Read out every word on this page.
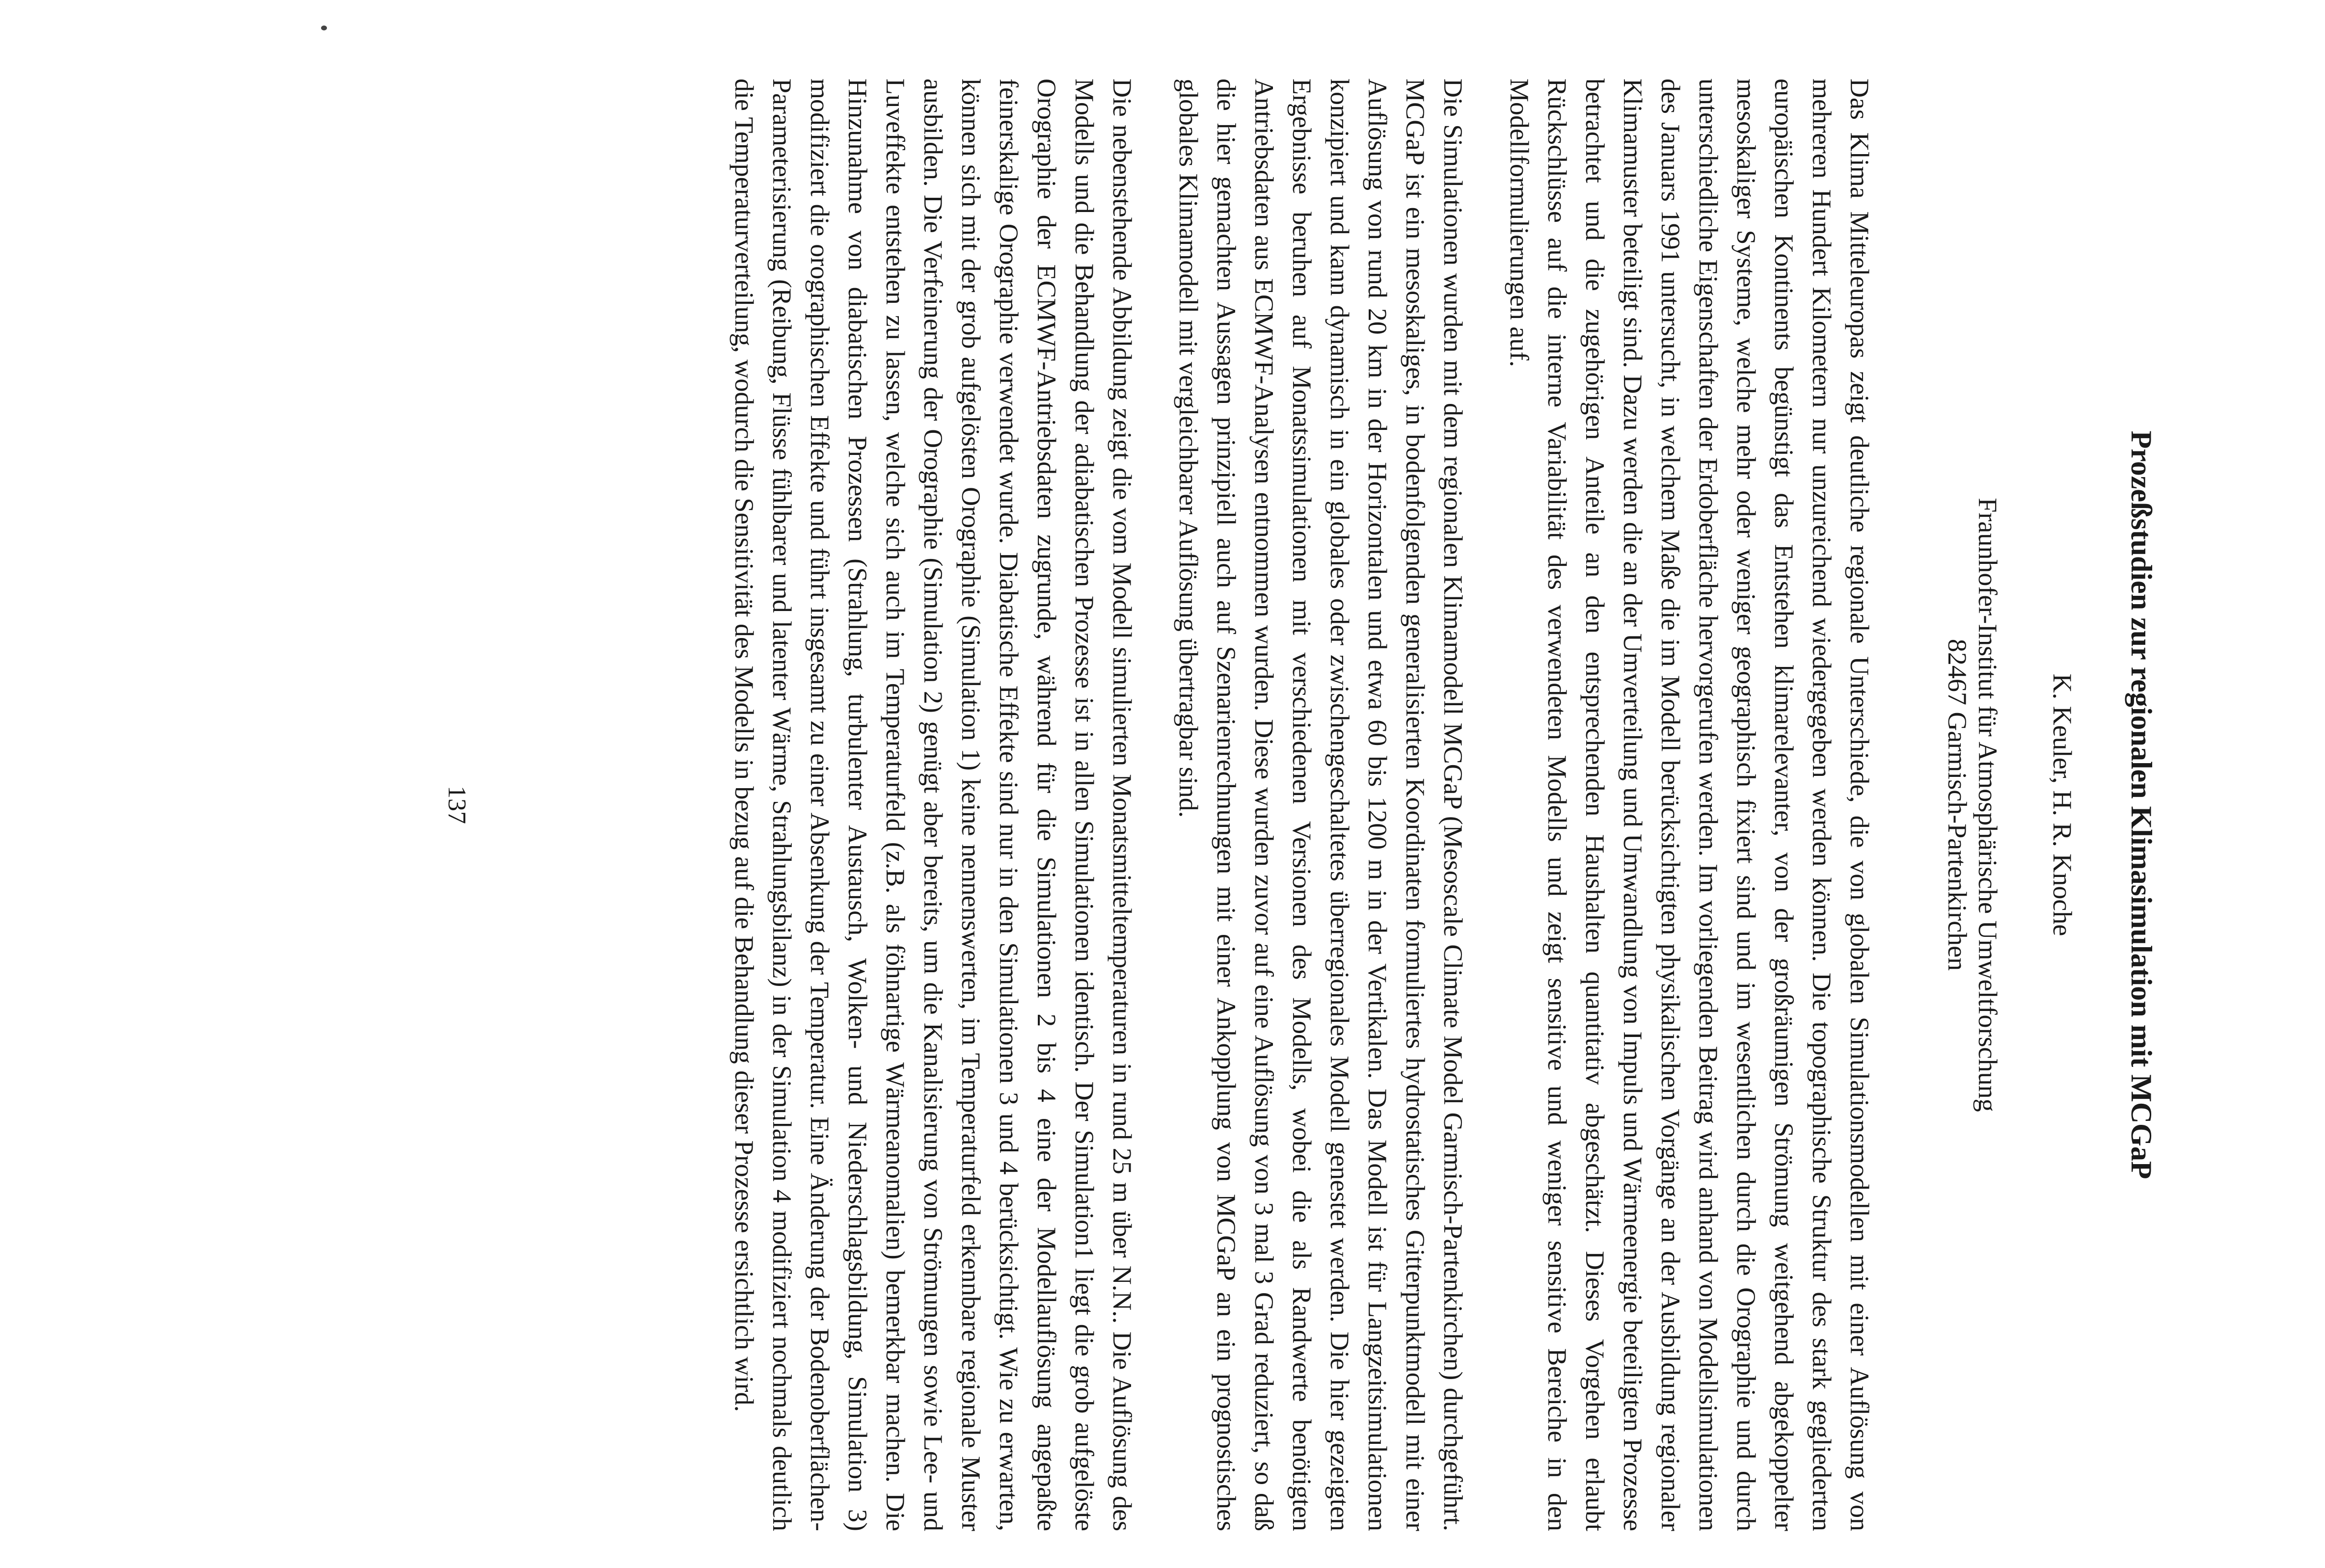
Prozeßstudien zur regionalen Klimasimulation mit MCGaP

K. Keuler, H. R. Knoche

Fraunhofer-Institut für Atmosphärische Umweltforschung
82467 Garmisch-Partenkirchen

Das Klima Mitteleuropas zeigt deutliche regionale Unterschiede, die von globalen Simulationsmodellen mit einer Auflösung von mehreren Hundert Kilometern nur unzureichend wiedergegeben werden können. Die topographische Struktur des stark gegliederten europäischen Kontinents begünstigt das Entstehen klimarelevanter, von der großräumigen Strömung weitgehend abgekoppelter mesoskaliger Systeme, welche mehr oder weniger geographisch fixiert sind und im wesentlichen durch die Orographie und durch unterschiedliche Eigenschaften der Erdoberfläche hervorgerufen werden. Im vorliegenden Beitrag wird anhand von Modellsimulationen des Januars 1991 untersucht, in welchem Maße die im Modell berücksichtigten physikalischen Vorgänge an der Ausbildung regionaler Klimamuster beteiligt sind. Dazu werden die an der Umverteilung und Umwandlung von Impuls und Wärmeenergie beteiligten Prozesse betrachtet und die zugehörigen Anteile an den entsprechenden Haushalten quantitativ abgeschätzt. Dieses Vorgehen erlaubt Rückschlüsse auf die interne Variabilität des verwendeten Modells und zeigt sensitive und weniger sensitive Bereiche in den Modellformulierungen auf.

Die Simulationen wurden mit dem regionalen Klimamodell MCGaP (Mesoscale Climate Model Garmisch-Partenkirchen) durchgeführt. MCGaP ist ein mesoskaliges, in bodenfolgenden generalisierten Koordinaten formuliertes hydrostatisches Gitterpunktmodell mit einer Auflösung von rund 20 km in der Horizontalen und etwa 60 bis 1200 m in der Vertikalen. Das Modell ist für Langzeitsimulationen konzipiert und kann dynamisch in ein globales oder zwischengeschaltetes überregionales Modell genestet werden. Die hier gezeigten Ergebnisse beruhen auf Monatssimulationen mit verschiedenen Versionen des Modells, wobei die als Randwerte benötigten Antriebsdaten aus ECMWF-Analysen entnommen wurden. Diese wurden zuvor auf eine Auflösung von 3 mal 3 Grad reduziert, so daß die hier gemachten Aussagen prinzipiell auch auf Szenarienrechnungen mit einer Ankopplung von MCGaP an ein prognostisches globales Klimamodell mit vergleichbarer Auflösung übertragbar sind.

Die nebenstehende Abbildung zeigt die vom Modell simulierten Monatsmitteltemperaturen in rund 25 m über N.N.. Die Auflösung des Modells und die Behandlung der adiabatischen Prozesse ist in allen Simulationen identisch. Der Simulation1 liegt die grob aufgelöste Orographie der ECMWF-Antriebsdaten zugrunde, während für die Simulationen 2 bis 4 eine der Modellauflösung angepaßte feinerskalige Orographie verwendet wurde. Diabatische Effekte sind nur in den Simulationen 3 und 4 berücksichtigt. Wie zu erwarten, können sich mit der grob aufgelösten Orographie (Simulation 1) keine nennenswerten, im Temperaturfeld erkennbare regionale Muster ausbilden. Die Verfeinerung der Orographie (Simulation 2) genügt aber bereits, um die Kanalisierung von Strömungen sowie Lee- und Luveffekte entstehen zu lassen, welche sich auch im Temperaturfeld (z.B. als föhnartige Wärmeanomalien) bemerkbar machen. Die Hinzunahme von diabatischen Prozessen (Strahlung, turbulenter Austausch, Wolken- und Niederschlagsbildung, Simulation 3) modifiziert die orographischen Effekte und führt insgesamt zu einer Absenkung der Temperatur. Eine Änderung der Bodenoberflächen-Parameterisierung (Reibung, Flüsse fühlbarer und latenter Wärme, Strahlungsbilanz) in der Simulation 4 modifiziert nochmals deutlich die Temperaturverteilung, wodurch die Sensitivität des Modells in bezug auf die Behandlung dieser Prozesse ersichtlich wird.

137
